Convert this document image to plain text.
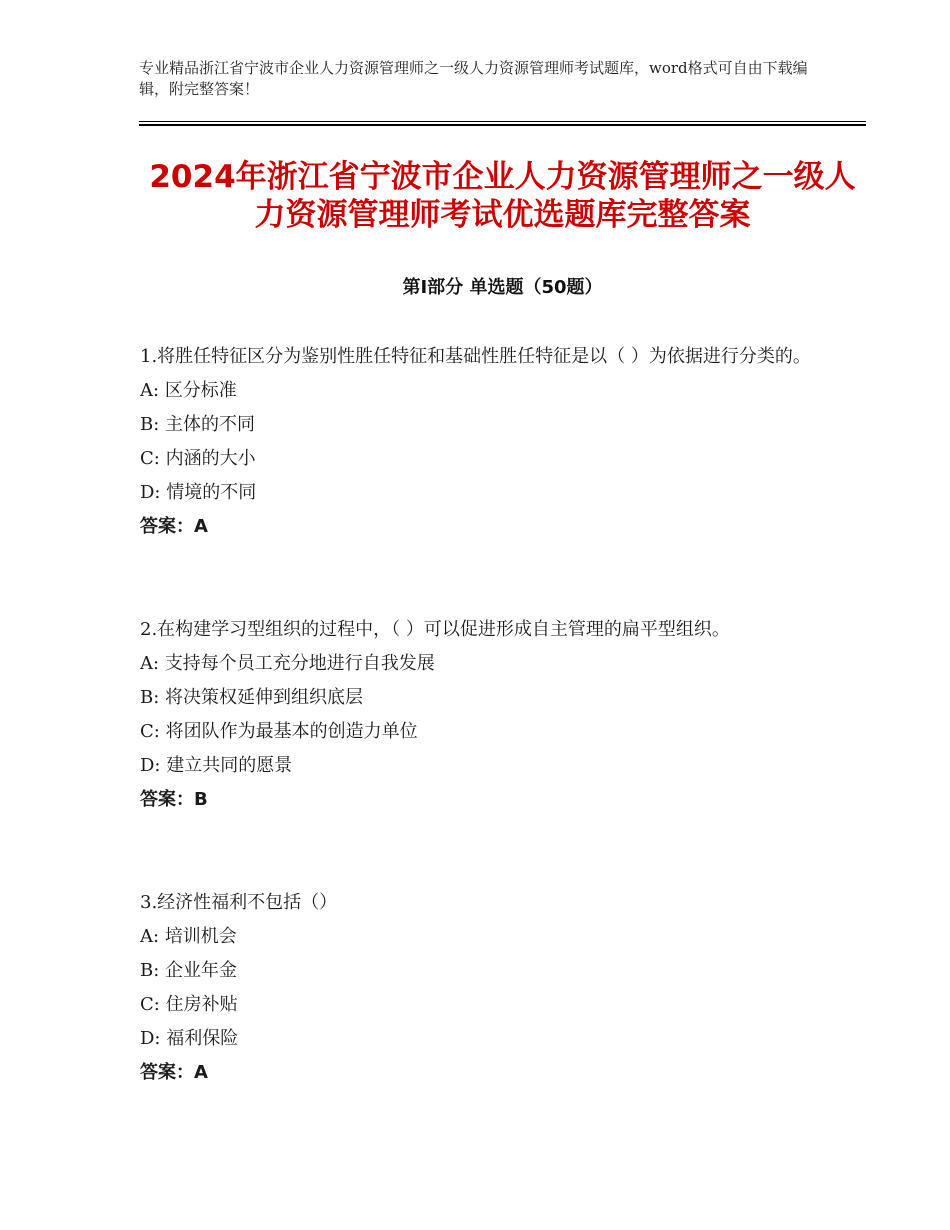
专业精品浙江省宁波市企业人力资源管理师之一级人力资源管理师考试题库，word格式可自由下载编辑，附完整答案！
2024年浙江省宁波市企业人力资源管理师之一级人力资源管理师考试优选题库完整答案
第Ⅰ部分 单选题（50题）

1.将胜任特征区分为鉴别性胜任特征和基础性胜任特征是以（ ）为依据进行分类的。

A: 区分标准
B: 主体的不同
C: 内涵的大小
D: 情境的不同
答案：A

2.在构建学习型组织的过程中，（ ）可以促进形成自主管理的扁平型组织。

A: 支持每个员工充分地进行自我发展
B: 将决策权延伸到组织底层
C: 将团队作为最基本的创造力单位
D: 建立共同的愿景
答案：B

3.经济性福利不包括（）

A: 培训机会
B: 企业年金
C: 住房补贴
D: 福利保险
答案：A
